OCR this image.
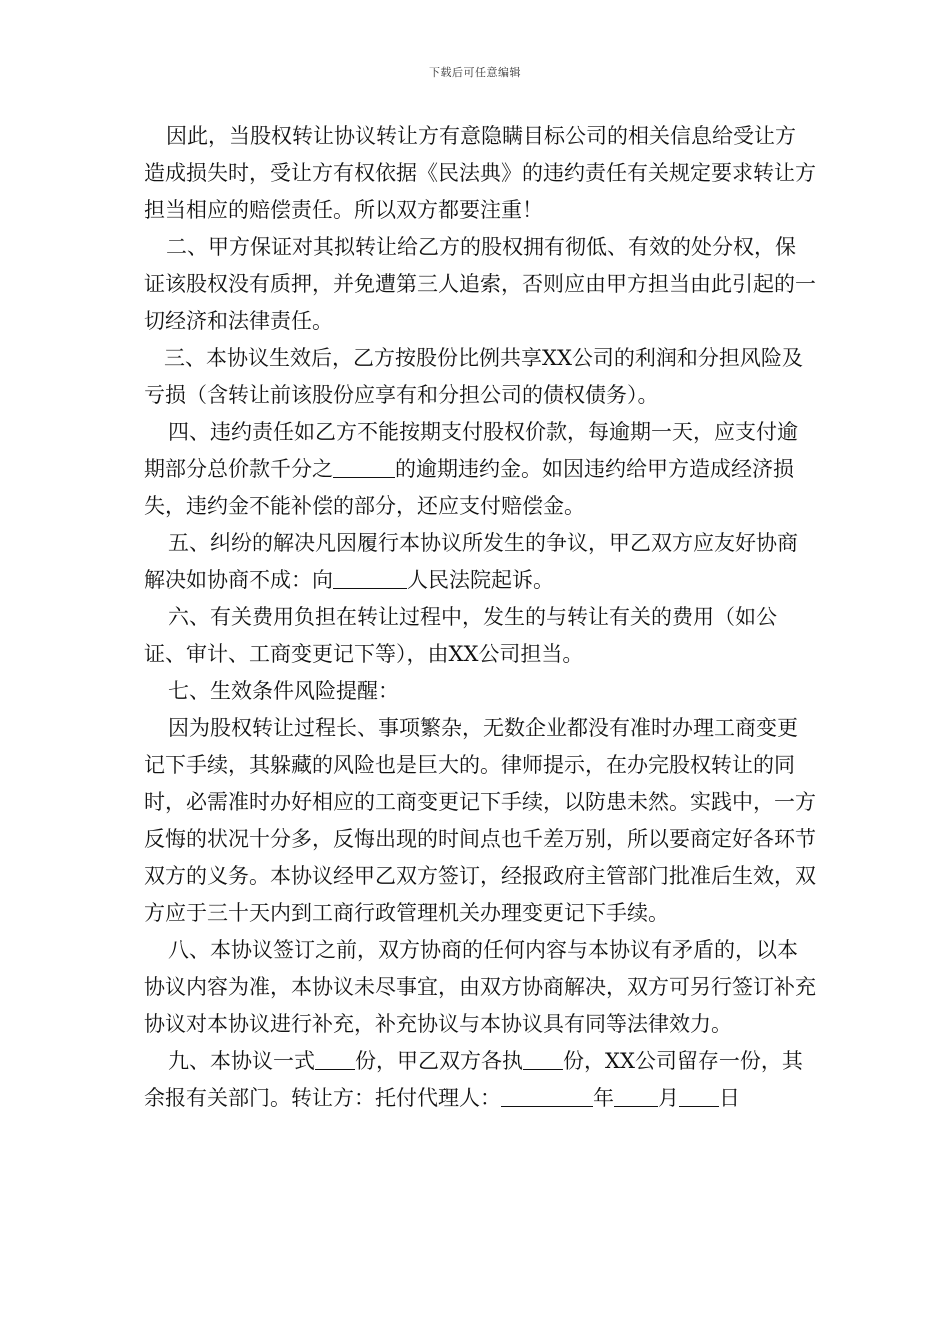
下载后可任意编辑

因此，当股权转让协议转让方有意隐瞒目标公司的相关信息给受让方造成损失时，受让方有权依据《民法典》的违约责任有关规定要求转让方担当相应的赔偿责任。所以双方都要注重！

二、甲方保证对其拟转让给乙方的股权拥有彻低、有效的处分权，保证该股权没有质押，并免遭第三人追索，否则应由甲方担当由此引起的一切经济和法律责任。

三、本协议生效后，乙方按股份比例共享XX公司的利润和分担风险及亏损（含转让前该股份应享有和分担公司的债权债务）。

四、违约责任如乙方不能按期支付股权价款，每逾期一天，应支付逾期部分总价款千分之	的逾期违约金。如因违约给甲方造成经济损失，违约金不能补偿的部分，还应支付赔偿金。

五、纠纷的解决凡因履行本协议所发生的争议，甲乙双方应友好协商解决如协商不成：向	人民法院起诉。

六、有关费用负担在转让过程中，发生的与转让有关的费用（如公证、审计、工商变更记下等），由XX公司担当。

七、生效条件风险提醒：

因为股权转让过程长、事项繁杂，无数企业都没有准时办理工商变更记下手续，其躲藏的风险也是巨大的。律师提示，在办完股权转让的同时，必需准时办好相应的工商变更记下手续，以防患未然。实践中，一方反悔的状况十分多，反悔出现的时间点也千差万别，所以要商定好各环节双方的义务。本协议经甲乙双方签订，经报政府主管部门批准后生效，双方应于三十天内到工商行政管理机关办理变更记下手续。

八、本协议签订之前，双方协商的任何内容与本协议有矛盾的，以本协议内容为准，本协议未尽事宜，由双方协商解决，双方可另行签订补充协议对本协议进行补充，补充协议与本协议具有同等法律效力。

九、本协议一式 份，甲乙双方各执 份，XX公司留存一份，其余报有关部门。转让方：托付代理人：	年 月 日
